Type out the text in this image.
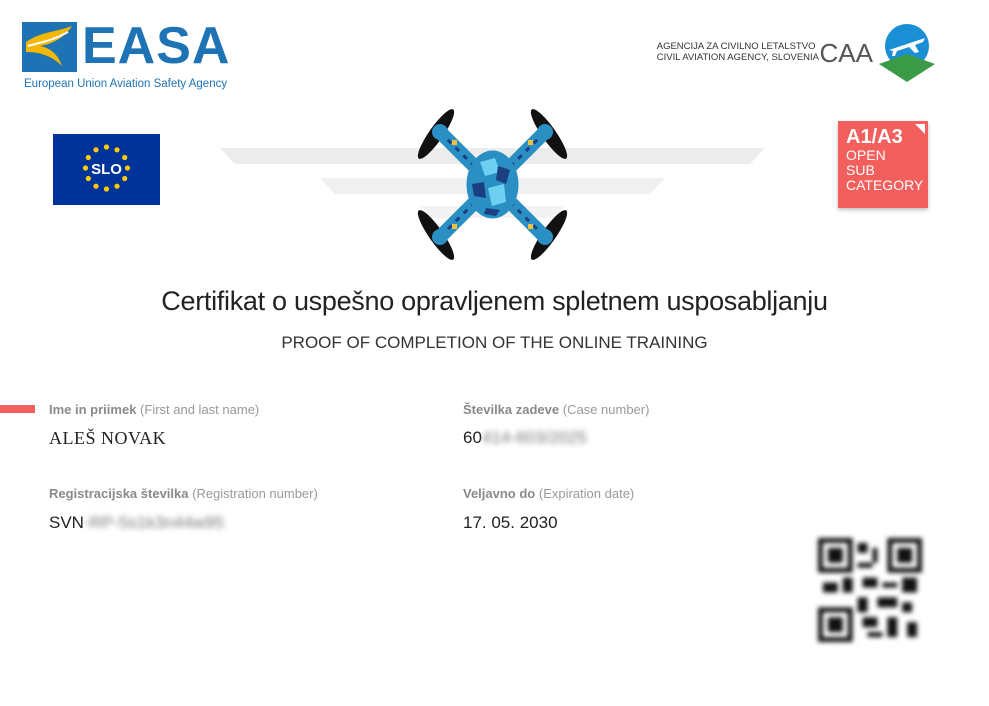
EASA
European Union Aviation Safety Agency
AGENCIJA ZA CIVILNO LETALSTVO
CIVIL AVIATION AGENCY, SLOVENIA CAA
SLO
A1/A3
OPEN
SUB
CATEGORY
Certifikat o uspešno opravljenem spletnem usposabljanju
PROOF OF COMPLETION OF THE ONLINE TRAINING
Ime in priimek (First and last name)
ALEŠ NOVAK
Številka zadeve (Case number)
60414-603/2025
Registracijska številka (Registration number)
SVN-RP-5s1k3n44w95
Veljavno do (Expiration date)
17. 05. 2030
